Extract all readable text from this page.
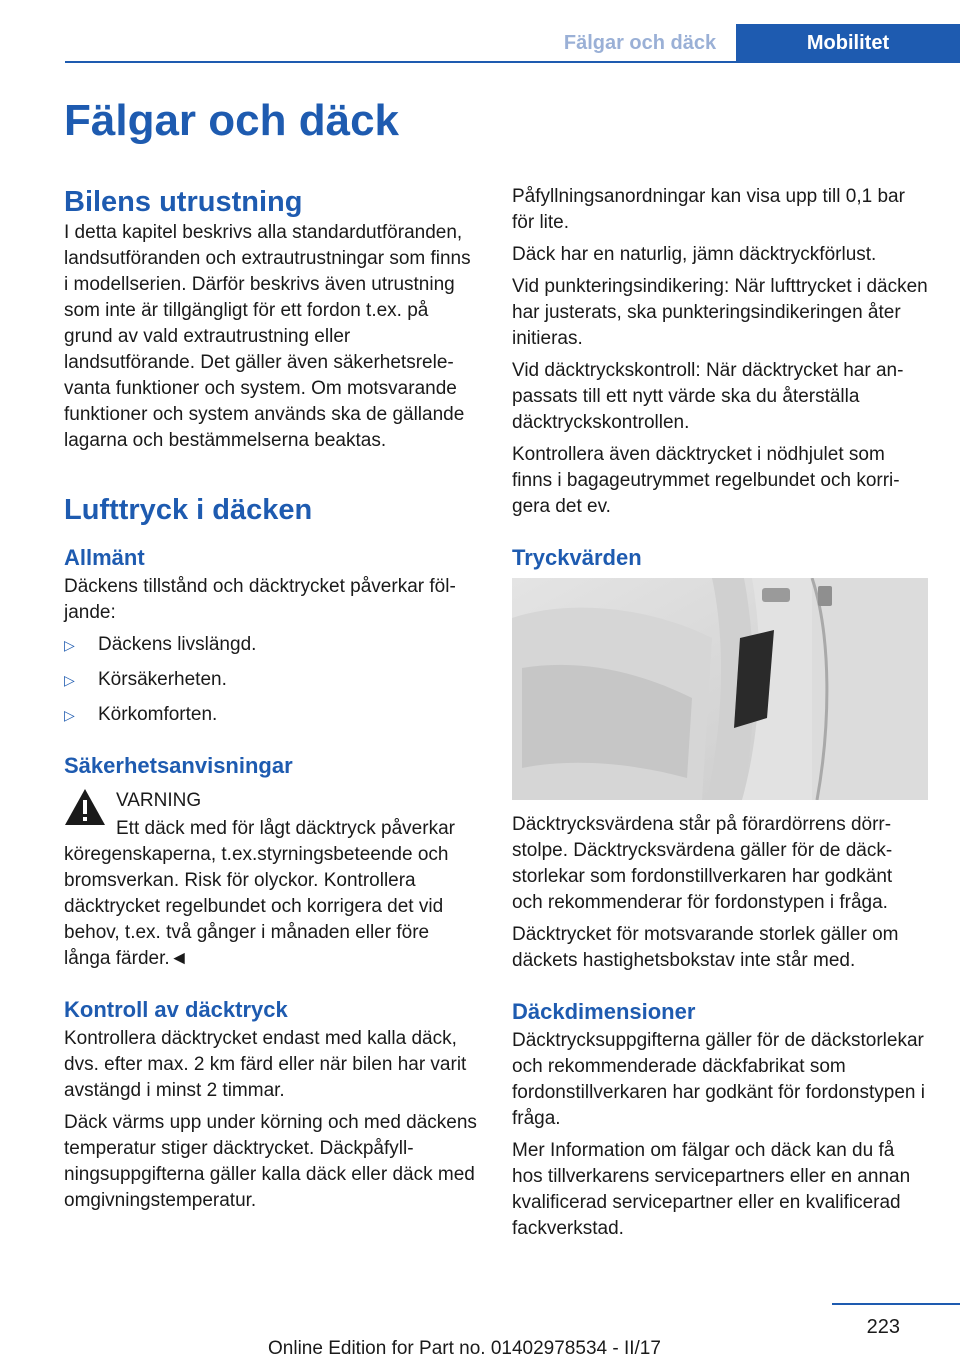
Fälgar och däck	Mobilitet
Fälgar och däck
Bilens utrustning

I detta kapitel beskrivs alla standardutföranden, landsutföranden och extrautrustningar som finns i modellserien. Därför beskrivs även utrustning som inte är tillgängligt för ett fordon t.ex. på grund av vald extrautrustning eller landsutförande. Det gäller även säkerhetsrelevanta funktioner och system. Om motsvarande funktioner och system används ska de gällande lagarna och bestämmelserna beaktas.

Lufttryck i däcken
Allmänt

Däckens tillstånd och däcktrycket påverkar följande:

▷ Däckens livslängd.
▷ Körsäkerheten.
▷ Körkomforten.
Säkerhetsanvisningar

VARNING

Ett däck med för lågt däcktryck påverkar

köregenskaperna, t.ex.styrningsbeteende och bromsverkan. Risk för olyckor. Kontrollera däcktrycket regelbundet och korrigera det vid behov, t.ex. två gånger i månaden eller före långa färder.◄

Kontroll av däcktryck

Kontrollera däcktrycket endast med kalla däck, dvs. efter max. 2 km färd eller när bilen har varit avstängd i minst 2 timmar.

Däck värms upp under körning och med däckens temperatur stiger däcktrycket. Däckpåfyllningsuppgifterna gäller kalla däck eller däck med omgivningstemperatur.

Påfyllningsanordningar kan visa upp till 0,1 bar för lite.

Däck har en naturlig, jämn däcktryckförlust.

Vid punkteringsindikering: När lufttrycket i däcken har justerats, ska punkteringsindikeringen åter initieras.

Vid däcktryckskontroll: När däcktrycket har anpassats till ett nytt värde ska du återställa däcktryckskontrollen.

Kontrollera även däcktrycket i nödhjulet som finns i bagageutrymmet regelbundet och korrigera det ev.

Tryckvärden

Däcktrycksvärdena står på förardörrens dörrstolpe. Däcktrycksvärdena gäller för de däckstorlekar som fordonstillverkaren har godkänt och rekommenderar för fordonstypen i fråga.

Däcktrycket för motsvarande storlek gäller om däckets hastighetsbokstav inte står med.

Däckdimensioner

Däcktrycksuppgifterna gäller för de däckstorlekar och rekommenderade däckfabrikat som fordonstillverkaren har godkänt för fordonstypen i fråga.

Mer Information om fälgar och däck kan du få hos tillverkarens servicepartners eller en annan kvalificerad servicepartner eller en kvalificerad fackverkstad.

223
Online Edition for Part no. 01402978534 - II/17
